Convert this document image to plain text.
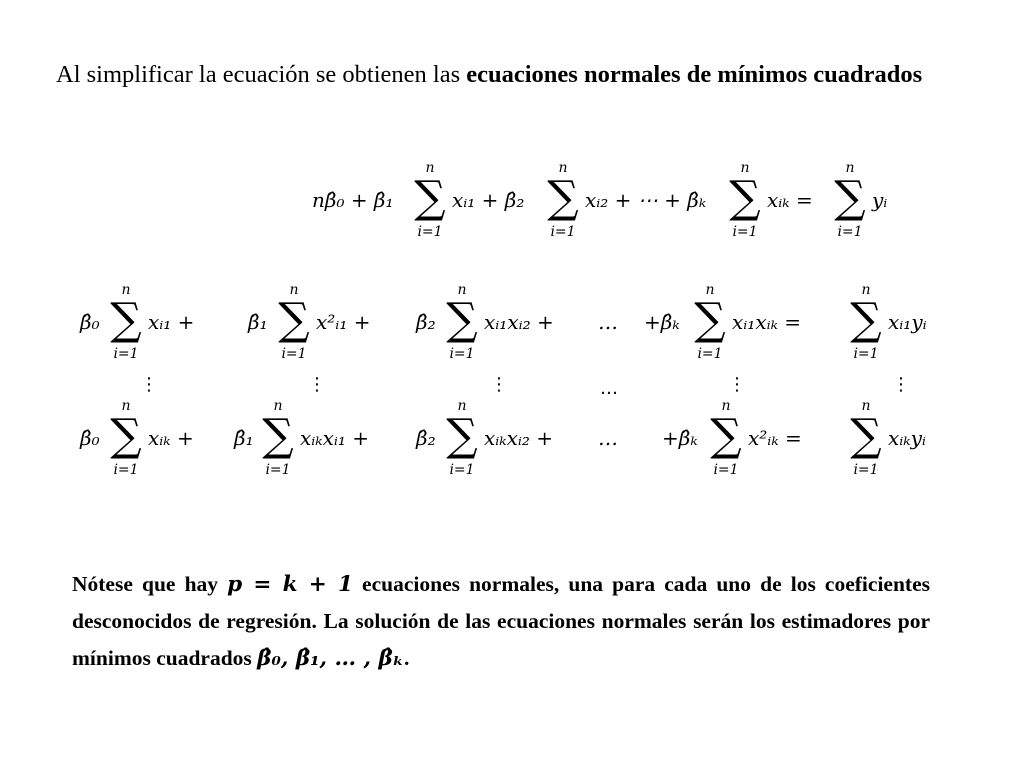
Al simplificar la ecuación se obtienen las ecuaciones normales de mínimos cuadrados
nβ̂₀ + β̂₁
n
∑
i=1
xᵢ₁ + β̂₂
n
∑
i=1
xᵢ₂ + ⋯ + β̂ₖ
n
∑
i=1
xᵢₖ =
n
∑
i=1
yᵢ
β̂₀
n
∑
i=1
xᵢ₁ +	β̂₁
n
∑
i=1
x²ᵢ₁ + β̂₂
n
∑
i=1
xᵢ₁xᵢ₂ + … +β̂ₖ
n
∑
i=1
xᵢ₁xᵢₖ =
n
∑
i=1
xᵢ₁yᵢ
⋮	⋮	⋮	…	⋮	⋮
β̂₀
n
∑
i=1
xᵢₖ + β̂₁
n
∑
i=1
xᵢₖxᵢ₁ + β̂₂
n
∑
i=1
xᵢₖxᵢ₂ + … +β̂ₖ
n
∑
i=1
x²ᵢₖ =
n
∑
i=1
xᵢₖyᵢ
Nótese que hay p = k + 1 ecuaciones normales, una para cada uno de los coeficientes desconocidos de regresión. La solución de las ecuaciones normales serán los estimadores por mínimos cuadrados β̂₀, β̂₁, … , β̂ₖ.
